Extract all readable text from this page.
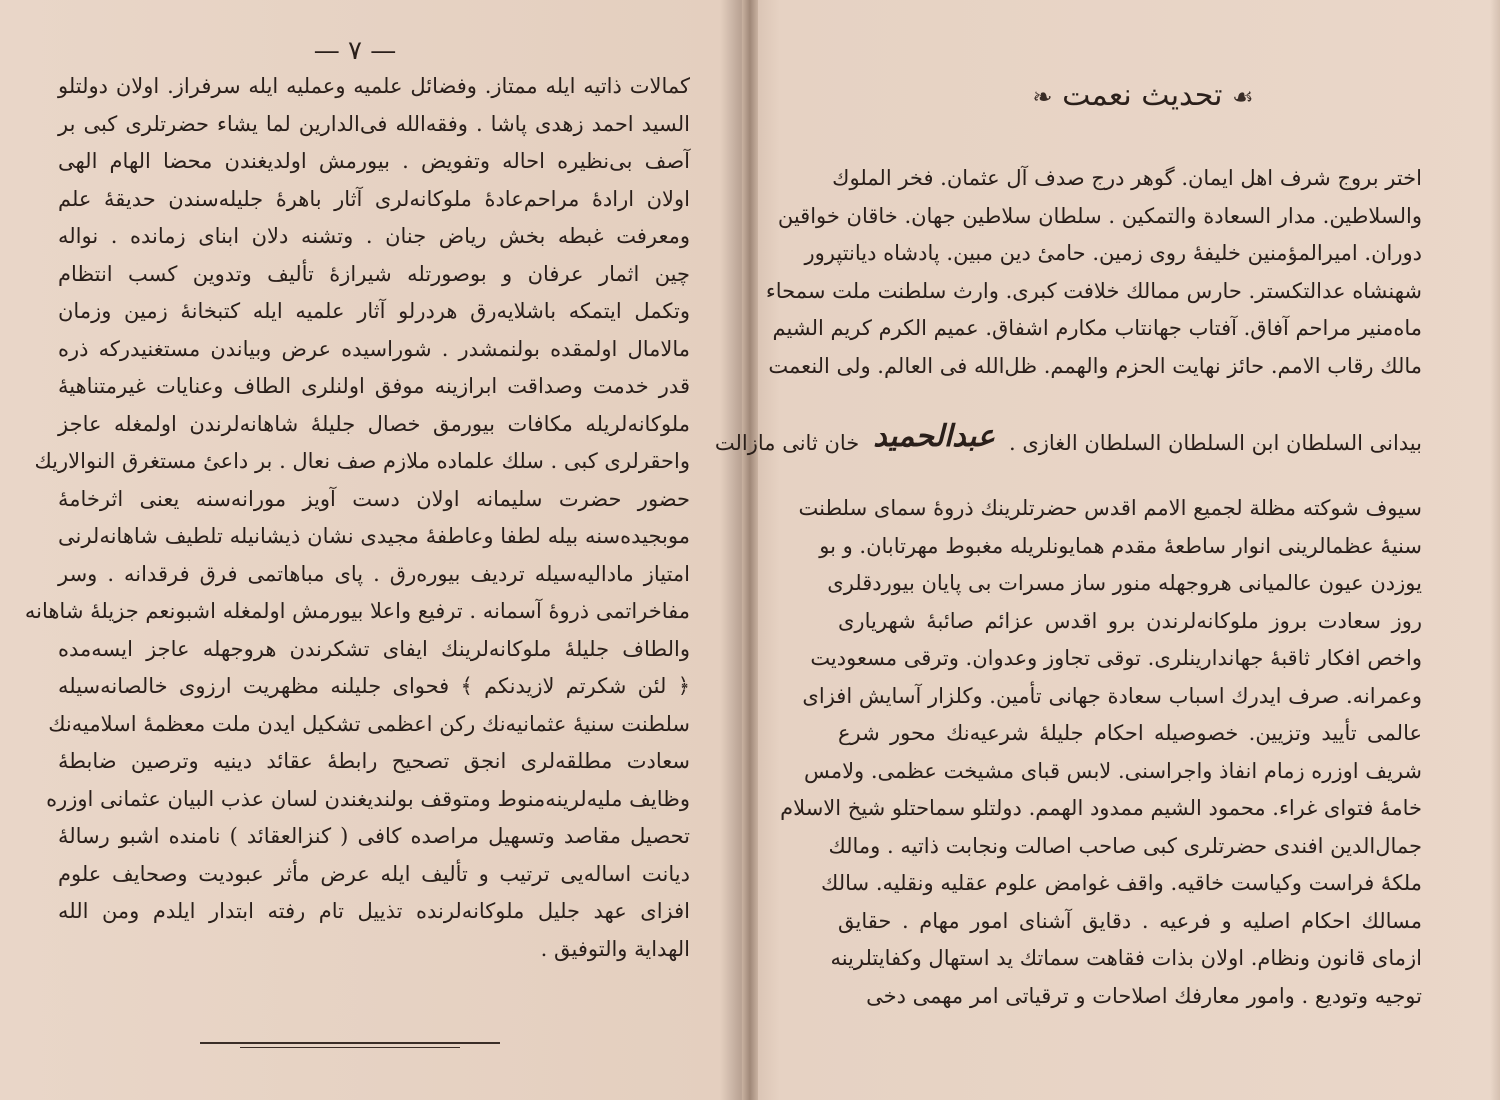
— ٧ —
کمالات ذاتیه ایله ممتاز. وفضائل علمیه وعملیه ایله سرفراز. اولان دولتلو
السید احمد زهدی پاشا . وفقه‌الله فی‌الدارین لما یشاء حضرتلری کبی بر
آصف بی‌نظیره احاله وتفویض . بیورمش اولدیغندن محضا الهام الهی
اولان ارادهٔ مراحم‌عادهٔ ملوکانه‌لری آثار باهرهٔ جلیله‌سندن حدیقهٔ علم
ومعرفت غبطه بخش ریاض جنان . وتشنه دلان ابنای زمانده . نواله
چین اثمار عرفان و بوصورتله شیرازهٔ تألیف وتدوین کسب انتظام
وتکمل ایتمکه باشلایه‌رق هردرلو آثار علمیه ایله کتبخانهٔ زمین وزمان
مالامال اولمقده بولنمشدر . شوراسیده عرض وبیاندن مستغنیدرکه ذره
قدر خدمت وصداقت ابرازینه موفق اولنلری الطاف وعنایات غیرمتناهیهٔ
ملوکانه‌لریله مکافات بیورمق خصال جلیلهٔ شاهانه‌لرندن اولمغله عاجز
واحقرلری کبی . سلك علماده ملازم صف نعال . بر داعیٔ مستغرق النوالاریك
حضور حضرت سلیمانه اولان دست آویز مورانه‌سنه یعنی اثرخامهٔ
موبجیده‌سنه بیله لطفا وعاطفهٔ مجیدی نشان ذیشانیله تلطیف شاهانه‌لرنی
امتیاز مادالیه‌سیله تردیف بیوره‌رق . پای مباهاتمی فرق فرقدانه . وسر
مفاخراتمی ذروهٔ آسمانه . ترفیع واعلا بیورمش اولمغله اشبونعم جزیلهٔ شاهانه
والطاف جلیلهٔ ملوکانه‌لرینك ایفای تشکرندن هروجهله عاجز ایسه‌مده
﴿ لئن شکرتم لازیدنکم ﴾ فحوای جلیلنه مظهریت ارزوی خالصانه‌سیله
سلطنت سنیهٔ عثمانیه‌نك رکن اعظمی تشکیل ایدن ملت معظمهٔ اسلامیه‌نك
سعادت مطلقه‌لری انجق تصحیح رابطهٔ عقائد دینیه وترصین ضابطهٔ
وظایف ملیه‌لرینه‌منوط ومتوقف بولندیغندن لسان عذب البیان عثمانی اوزره
تحصیل مقاصد وتسهیل مراصده کافی ( کنزالعقائد ) نامنده اشبو رسالهٔ
دیانت اساله‌یی ترتیب و تألیف ایله عرض مأثر عبودیت وصحایف علوم
افزای عهد جلیل ملوکانه‌لرنده تذییل تام رفته ابتدار ایلدم ومن الله
الهدایة والتوفیق .
☙ تحدیث نعمت ❧
اختر بروج شرف اهل ایمان. گوهر درج صدف آل عثمان. فخر الملوك
والسلاطین. مدار السعادة والتمکین . سلطان سلاطین جهان. خاقان خواقین
دوران. امیرالمؤمنین خلیفهٔ روی زمین. حامیٔ دین مبین. پادشاه دیانتپرور
شهنشاه عدالتکستر. حارس ممالك خلافت کبری. وارث سلطنت ملت سمحاء
ماه‌منیر مراحم آفاق. آفتاب جهانتاب مکارم اشفاق. عمیم الکرم کریم الشیم
مالك رقاب الامم. حائز نهایت الحزم والهمم. ظل‌الله فی العالم. ولی النعمت
بیدانی السلطان ابن السلطان السلطان الغازی .
عبدالحمید
خان ثانی مازالت
سیوف شوکته مظلة لجمیع الامم اقدس حضرتلرینك ذروهٔ سمای سلطنت
سنیهٔ عظمالرینی انوار ساطعهٔ مقدم همایونلریله مغبوط مهرتابان. و بو
یوزدن عیون عالمیانی هروجهله منور ساز مسرات بی پایان بیوردقلری
روز سعادت بروز ملوکانه‌لرندن برو اقدس عزائم صائبهٔ شهریاری
واخص افکار ثاقبهٔ جهاندارینلری. توقی تجاوز وعدوان. وترقی مسعودیت
وعمرانه. صرف ایدرك اسباب سعادة جهانی تأمین. وکلزار آسایش افزای
عالمی تأیید وتزیین. خصوصیله احکام جلیلهٔ شرعیه‌نك محور شرع
شریف اوزره زمام انفاذ واجراسنی. لابس قبای مشیخت عظمی. ولامس
خامهٔ فتوای غراء. محمود الشیم ممدود الهمم. دولتلو سماحتلو شیخ الاسلام
جمال‌الدین افندی حضرتلری کبی صاحب اصالت ونجابت ذاتیه . ومالك
ملکهٔ فراست وکیاست خاقیه. واقف غوامض علوم عقلیه ونقلیه. سالك
مسالك احکام اصلیه و فرعیه . دقایق آشنای امور مهام . حقایق
ازمای قانون ونظام. اولان بذات فقاهت سماتك ید استهال وکفایتلرینه
توجیه وتودیع . وامور معارفك اصلاحات و ترقیاتی امر مهمی دخی
